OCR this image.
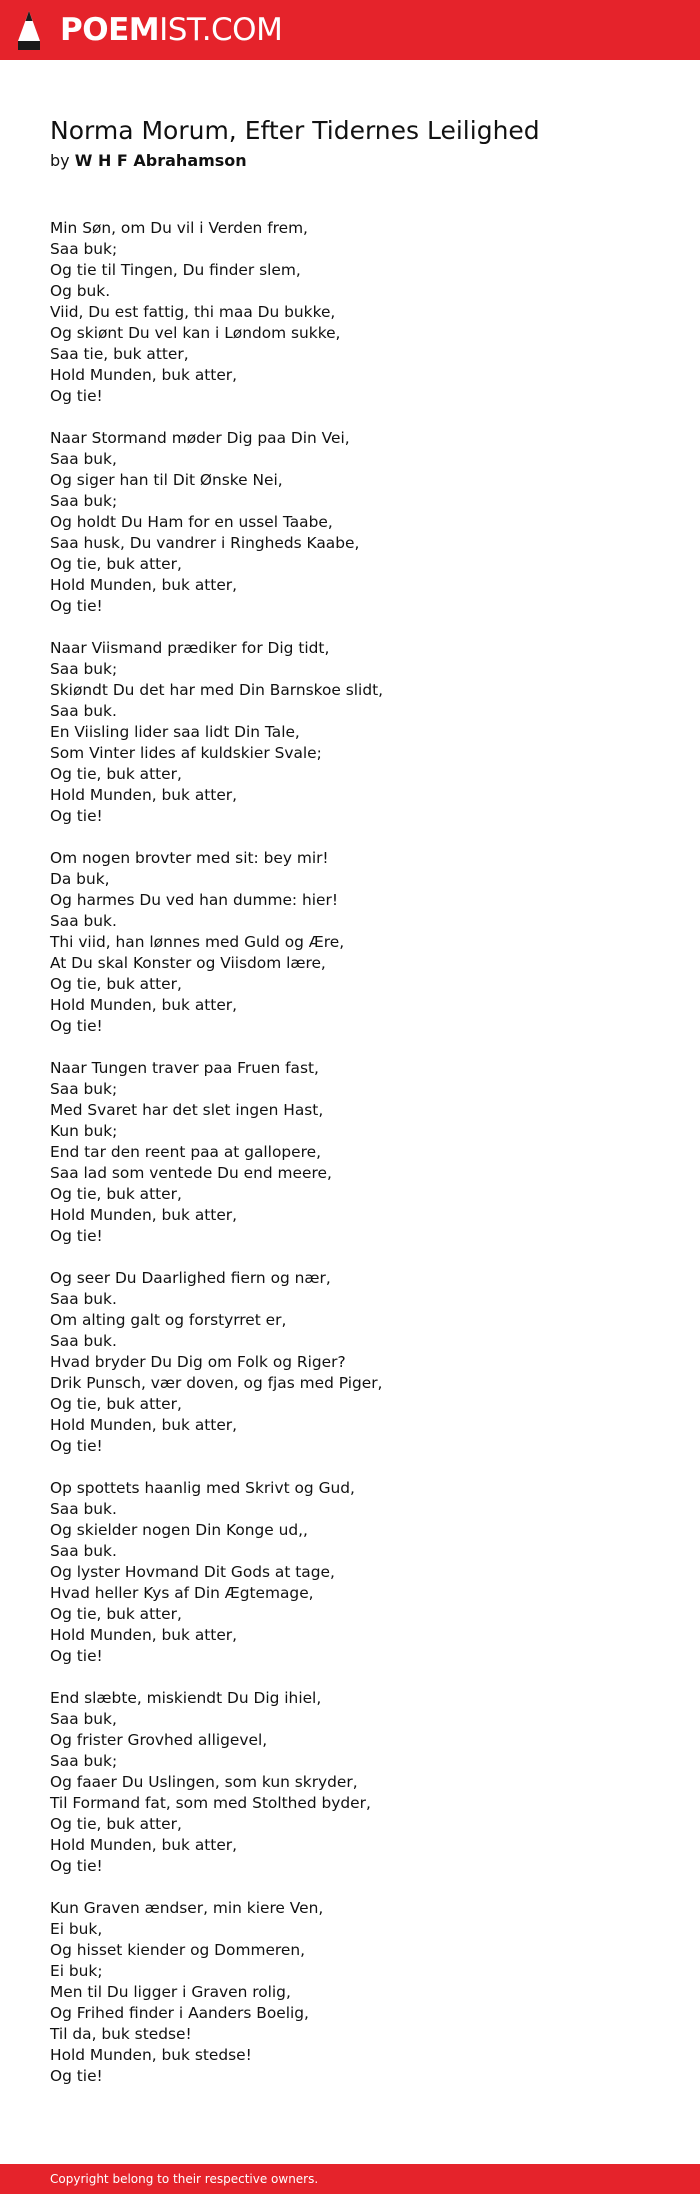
POEMIST.COM
Norma Morum, Efter Tidernes Leilighed
by W H F Abrahamson
Min Søn, om Du vil i Verden frem,
Saa buk;
Og tie til Tingen, Du finder slem,
Og buk.
Viid, Du est fattig, thi maa Du bukke,
Og skiønt Du vel kan i Løndom sukke,
Saa tie, buk atter,
Hold Munden, buk atter,
Og tie!
Naar Stormand møder Dig paa Din Vei,
Saa buk,
Og siger han til Dit Ønske Nei,
Saa buk;
Og holdt Du Ham for en ussel Taabe,
Saa husk, Du vandrer i Ringheds Kaabe,
Og tie, buk atter,
Hold Munden, buk atter,
Og tie!
Naar Viismand prædiker for Dig tidt,
Saa buk;
Skiøndt Du det har med Din Barnskoe slidt,
Saa buk.
En Viisling lider saa lidt Din Tale,
Som Vinter lides af kuldskier Svale;
Og tie, buk atter,
Hold Munden, buk atter,
Og tie!
Om nogen brovter med sit: bey mir!
Da buk,
Og harmes Du ved han dumme: hier!
Saa buk.
Thi viid, han lønnes med Guld og Ære,
At Du skal Konster og Viisdom lære,
Og tie, buk atter,
Hold Munden, buk atter,
Og tie!
Naar Tungen traver paa Fruen fast,
Saa buk;
Med Svaret har det slet ingen Hast,
Kun buk;
End tar den reent paa at gallopere,
Saa lad som ventede Du end meere,
Og tie, buk atter,
Hold Munden, buk atter,
Og tie!
Og seer Du Daarlighed fiern og nær,
Saa buk.
Om alting galt og forstyrret er,
Saa buk.
Hvad bryder Du Dig om Folk og Riger?
Drik Punsch, vær doven, og fjas med Piger,
Og tie, buk atter,
Hold Munden, buk atter,
Og tie!
Op spottets haanlig med Skrivt og Gud,
Saa buk.
Og skielder nogen Din Konge ud,,
Saa buk.
Og lyster Hovmand Dit Gods at tage,
Hvad heller Kys af Din Ægtemage,
Og tie, buk atter,
Hold Munden, buk atter,
Og tie!
End slæbte, miskiendt Du Dig ihiel,
Saa buk,
Og frister Grovhed alligevel,
Saa buk;
Og faaer Du Uslingen, som kun skryder,
Til Formand fat, som med Stolthed byder,
Og tie, buk atter,
Hold Munden, buk atter,
Og tie!
Kun Graven ændser, min kiere Ven,
Ei buk,
Og hisset kiender og Dommeren,
Ei buk;
Men til Du ligger i Graven rolig,
Og Frihed finder i Aanders Boelig,
Til da, buk stedse!
Hold Munden, buk stedse!
Og tie!
Copyright belong to their respective owners.
